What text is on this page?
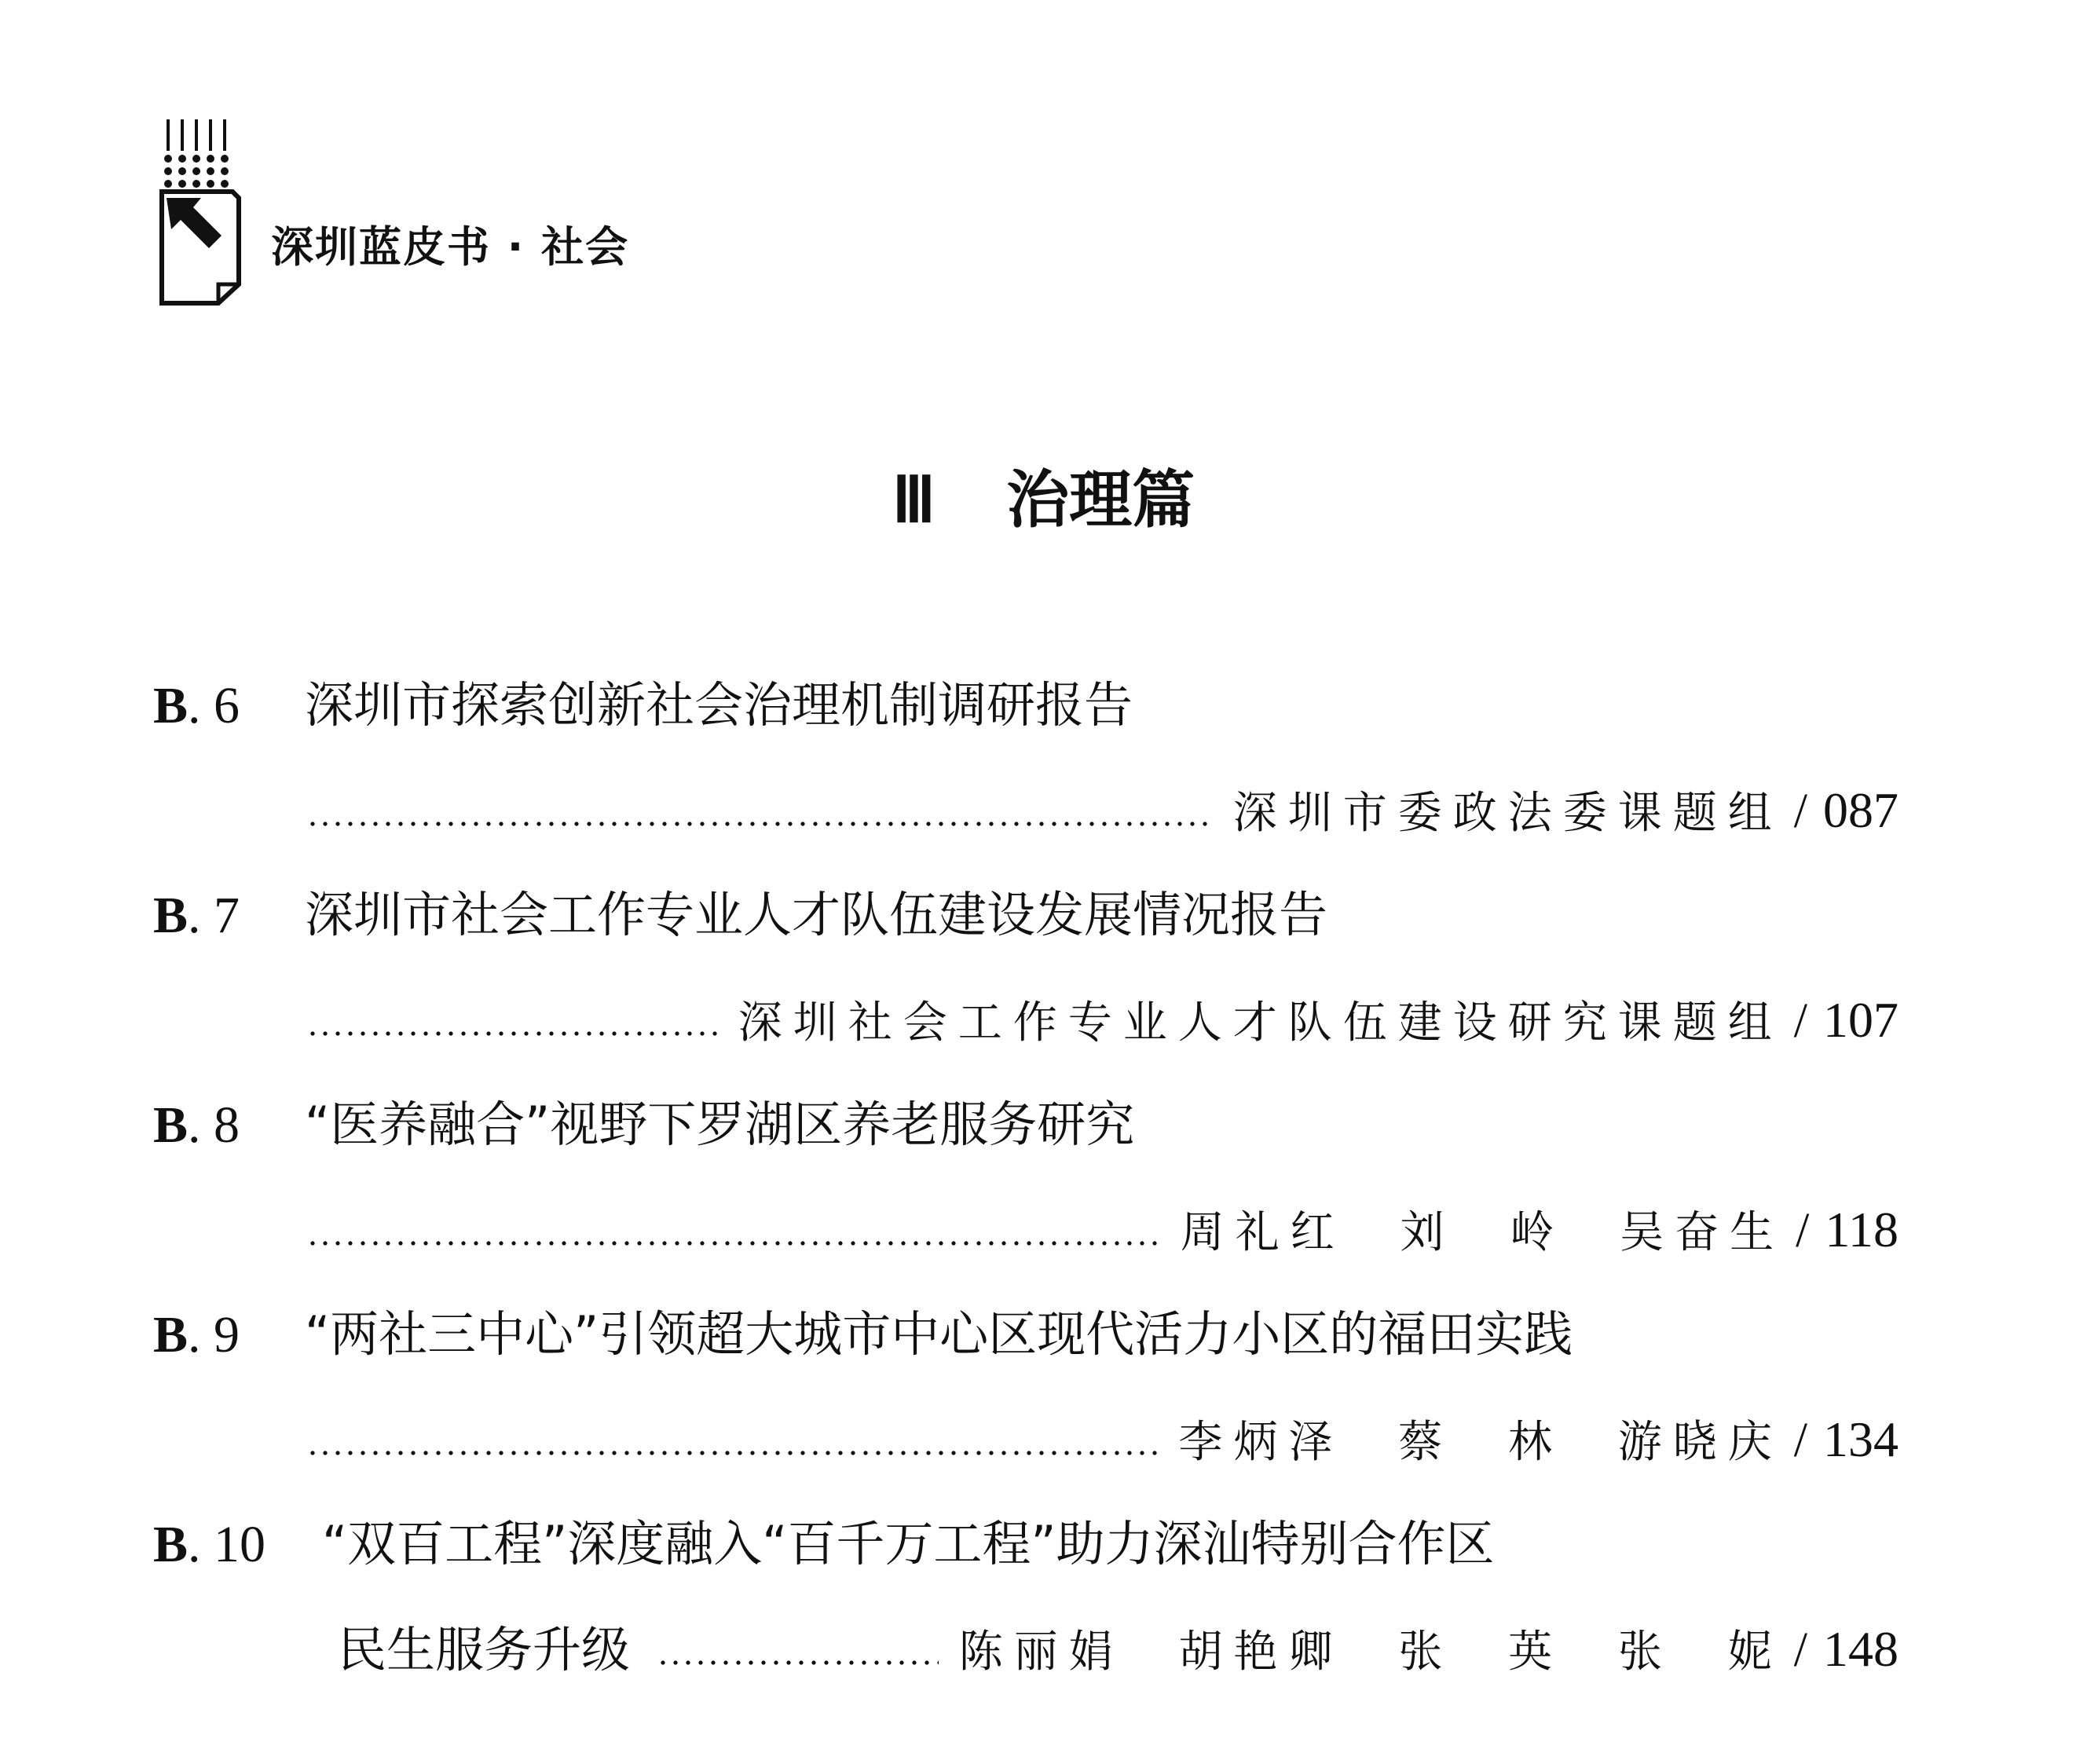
深圳蓝皮书 · 社会
Ⅲ 治理篇
B. 6 深圳市探索创新社会治理机制调研报告
深圳市委政法委课题组 / 087
B. 7 深圳市社会工作专业人才队伍建设发展情况报告
深圳社会工作专业人才队伍建设研究课题组 / 107
B. 8 “医养融合”视野下罗湖区养老服务研究
周礼红 刘 岭 吴奋生 / 118
B. 9 “两社三中心”引领超大城市中心区现代活力小区的福田实践
李炳泽 蔡 林 游晓庆 / 134
B. 10 “双百工程”深度融入“百千万工程”助力深汕特别合作区
民生服务升级	陈丽娟 胡艳卿 张 英 张 妮 / 148
